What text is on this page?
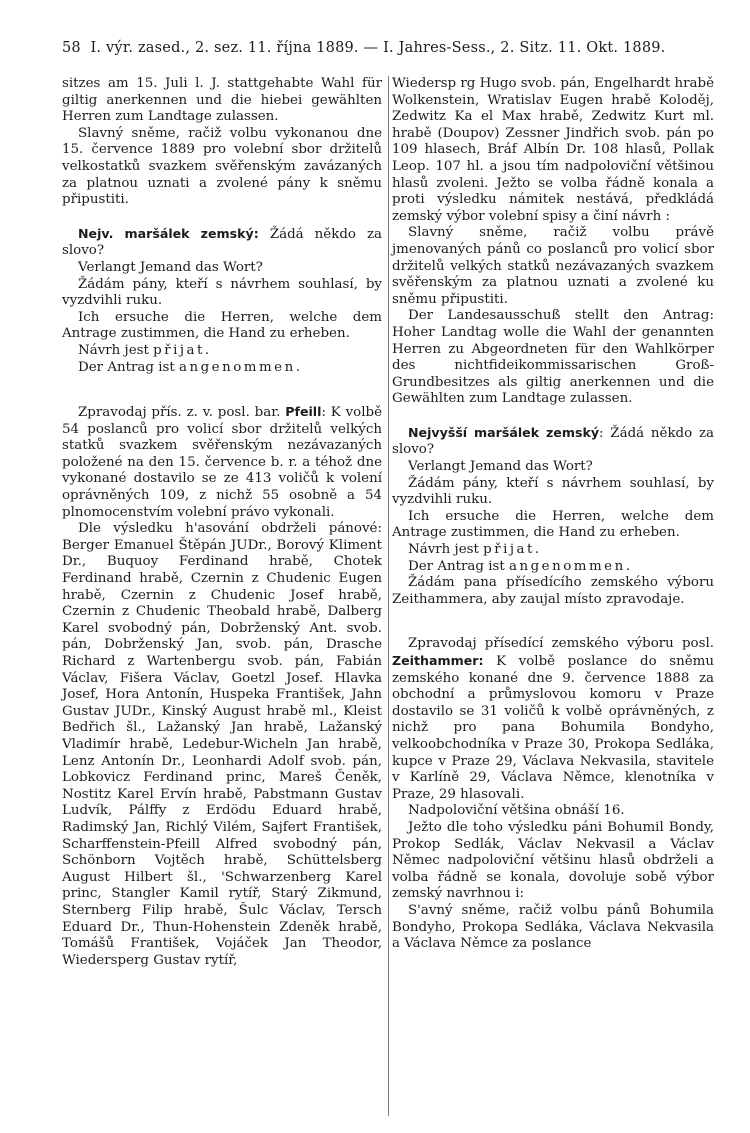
58 I. výr. zased., 2. sez. 11. října 1889. — I. Jahres-Sess., 2. Sitz. 11. Okt. 1889.

sitzes am 15. Juli l. J. stattgehabte Wahl für giltig anerkennen und die hiebei gewählten Herren zum Landtage zulassen.

Slavný sněme, račiž volbu vykonanou dne 15. července 1889 pro volební sbor držitelů velkostatků svazkem svěřenským zavázaných za platnou uznati a zvolené pány k sněmu připustiti.

Nejv. maršálek zemský: Žádá někdo za slovo?

Verlangt Jemand das Wort?

Žádám pány, kteří s návrhem souhlasí, by vyzdvihli ruku.

Ich ersuche die Herren, welche dem Antrage zustimmen, die Hand zu erheben.

Návrh jest přijat.

Der Antrag ist angenommen.

Zpravodaj přís. z. v. posl. bar. Pfeill: K volbě 54 poslanců pro volicí sbor držitelů velkých statků svazkem svěřenským nezávazaných položené na den 15. července b. r. a téhož dne vykonané dostavilo se ze 413 voličů k volení oprávněných 109, z nichž 55 osobně a 54 plnomocenstvím volební právo vykonali.

Dle výsledku h'asování obdrželi pánové: Berger Emanuel Štěpán JUDr., Borový Kliment Dr., Buquoy Ferdinand hrabě, Chotek Ferdinand hrabě, Czernin z Chudenic Eugen hrabě, Czernin z Chudenic Josef hrabě, Czernin z Chudenic Theobald hrabě, Dalberg Karel svobodný pán, Dobrženský Ant. svob. pán, Dobrženský Jan, svob. pán, Drasche Richard z Wartenbergu svob. pán, Fabián Václav, Fišera Václav, Goetzl Josef. Hlavka Josef, Hora Antonín, Huspeka František, Jahn Gustav JUDr., Kinský August hrabě ml., Kleist Bedřich šl., Lažanský Jan hrabě, Lažanský Vladimír hrabě, Ledebur-Wicheln Jan hrabě, Lenz Antonín Dr., Leonhardi Adolf svob. pán, Lobkovicz Ferdinand princ, Mareš Čeněk, Nostitz Karel Ervín hrabě, Pabstmann Gustav Ludvík, Pálffy z Erdödu Eduard hrabě, Radimský Jan, Richlý Vilém, Sajfert František, Scharffenstein-Pfeill Alfred svobodný pán, Schönborn Vojtěch hrabě, Schüttelsberg August Hilbert šl., 'Schwarzenberg Karel princ, Stangler Kamil rytíř, Starý Zikmund, Sternberg Filip hrabě, Šulc Václav, Tersch Eduard Dr., Thun-Hohenstein Zdeněk hrabě, Tomášů František, Vojáček Jan Theodor, Wiedersperg Gustav rytíř,

Wiedersp rg Hugo svob. pán, Engelhardt hrabě Wolkenstein, Wratislav Eugen hrabě Koloděj, Zedwitz Ka el Max hrabě, Zedwitz Kurt ml. hrabě (Doupov) Zessner Jindřich svob. pán po 109 hlasech, Bráf Albín Dr. 108 hlasů, Pollak Leop. 107 hl. a jsou tím nadpoloviční většinou hlasů zvoleni. Ježto se volba řádně konala a proti výsledku námitek nestává, předkládá zemský výbor volební spisy a činí návrh :

Slavný sněme, račiž volbu právě jmenovaných pánů co poslanců pro volicí sbor držitelů velkých statků nezávazaných svazkem svěřenským za platnou uznati a zvolené ku sněmu připustiti.

Der Landesausschuß stellt den Antrag: Hoher Landtag wolle die Wahl der genannten Herren zu Abgeordneten für den Wahlkörper des nichtfideikommissarischen Groß-Grundbesitzes als giltig anerkennen und die Gewählten zum Landtage zulassen.

Nejvyšší maršálek zemský: Žádá někdo za slovo?

Verlangt Jemand das Wort?

Žádám pány, kteří s návrhem souhlasí, by vyzdvihli ruku.

Ich ersuche die Herren, welche dem Antrage zustimmen, die Hand zu erheben.

Návrh jest přijat.

Der Antrag ist angenommen.

Žádám pana přísedícího zemského výboru Zeithammera, aby zaujal místo zpravodaje.

Zpravodaj přísedící zemského výboru posl. Zeithammer: K volbě poslance do sněmu zemského konané dne 9. července 1888 za obchodní a průmyslovou komoru v Praze dostavilo se 31 voličů k volbě oprávněných, z nichž pro pana Bohumila Bondyho, velkoobchodníka v Praze 30, Prokopa Sedláka, kupce v Praze 29, Václava Nekvasila, stavitele v Karlíně 29, Václava Němce, klenotníka v Praze, 29 hlasovali.

Nadpoloviční většina obnáší 16.

Ježto dle toho výsledku páni Bohumil Bondy, Prokop Sedlák, Václav Nekvasil a Václav Němec nadpoloviční většinu hlasů obdrželi a volba řádně se konala, dovoluje sobě výbor zemský navrhnou i:

S'avný sněme, račiž volbu pánů Bohumila Bondyho, Prokopa Sedláka, Václava Nekvasila a Václava Němce za poslance
